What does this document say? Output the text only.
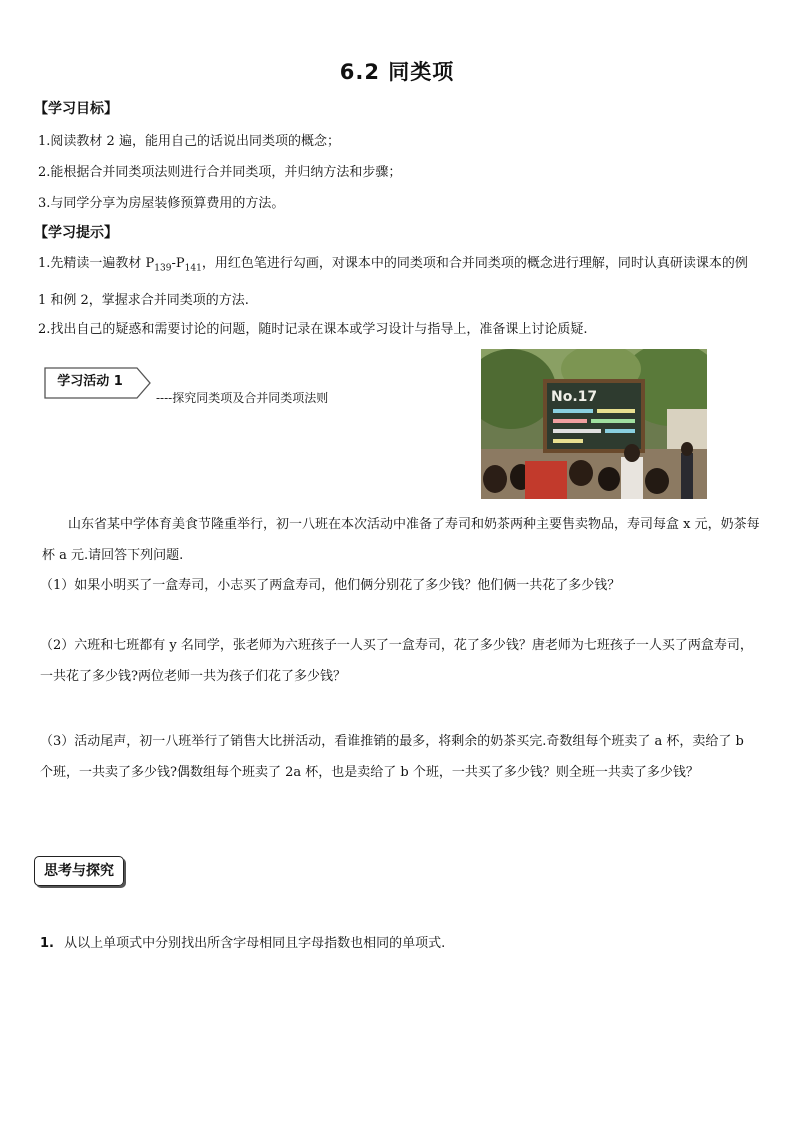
6.2 同类项
【学习目标】
1.阅读教材 2 遍，能用自己的话说出同类项的概念；
2.能根据合并同类项法则进行合并同类项，并归纳方法和步骤；
3.与同学分享为房屋装修预算费用的方法。
【学习提示】
1.先精读一遍教材 $P_{139}-P_{141}$，用红色笔进行勾画，对课本中的同类项和合并同类项的概念进行理解，同时认真研读课本的例 1 和例 2，掌握求合并同类项的方法.
2.找出自己的疑惑和需要讨论的问题，随时记录在课本或学习设计与指导上，准备课上讨论质疑.
学习活动 1
----探究同类项及合并同类项法则	No.17
山东省某中学体育美食节隆重举行，初一八班在本次活动中准备了寿司和奶茶两种主要售卖物品，寿司每盒 x 元，奶茶每杯 a 元.请回答下列问题.
（1）如果小明买了一盒寿司，小志买了两盒寿司，他们俩分别花了多少钱？他们俩一共花了多少钱？
（2）六班和七班都有 y 名同学，张老师为六班孩子一人买了一盒寿司，花了多少钱？唐老师为七班孩子一人买了两盒寿司，一共花了多少钱?两位老师一共为孩子们花了多少钱？
（3）活动尾声，初一八班举行了销售大比拼活动，看谁推销的最多，将剩余的奶茶买完.奇数组每个班卖了 a 杯，卖给了 b 个班，一共卖了多少钱?偶数组每个班卖了 2a 杯，也是卖给了 b 个班，一共买了多少钱？则全班一共卖了多少钱？
思考与探究
1. 从以上单项式中分别找出所含字母相同且字母指数也相同的单项式.
